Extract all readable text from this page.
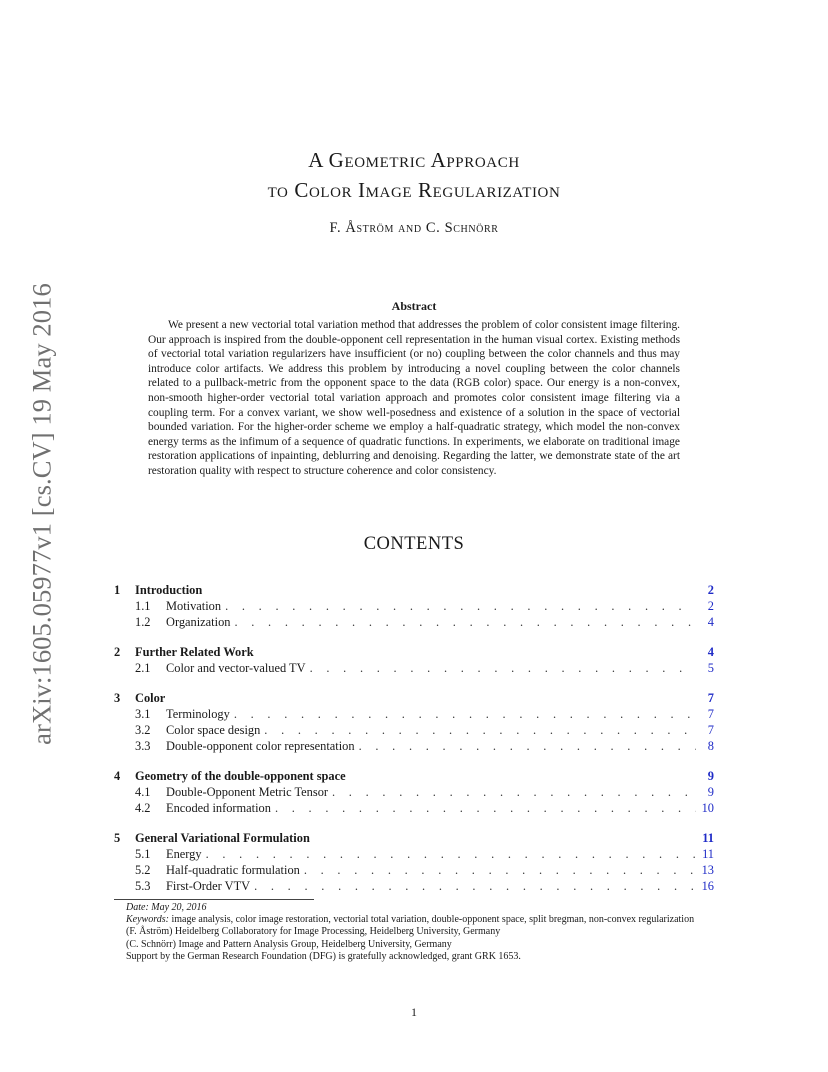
arXiv:1605.05977v1 [cs.CV] 19 May 2016
A Geometric Approach
to Color Image Regularization
F. Åström and C. Schnörr
Abstract

We present a new vectorial total variation method that addresses the problem of color consistent image filtering. Our approach is inspired from the double-opponent cell representation in the human visual cortex. Existing methods of vectorial total variation regularizers have insufficient (or no) coupling between the color channels and thus may introduce color artifacts. We address this problem by introducing a novel coupling between the color channels related to a pullback-metric from the opponent space to the data (RGB color) space. Our energy is a non-convex, non-smooth higher-order vectorial total variation approach and promotes color consistent image filtering via a coupling term. For a convex variant, we show well-posedness and existence of a solution in the space of vectorial bounded variation. For the higher-order scheme we employ a half-quadratic strategy, which model the non-convex energy terms as the infimum of a sequence of quadratic functions. In experiments, we elaborate on traditional image restoration applications of inpainting, deblurring and denoising. Regarding the latter, we demonstrate state of the art restoration quality with respect to structure coherence and color consistency.

CONTENTS
1	Introduction	2
1.1	Motivation . . .	2
1.2	Organization . . .	4
2	Further Related Work	4
2.1	Color and vector-valued TV . . .	5
3	Color	7
3.1	Terminology . . .	7
3.2	Color space design . . .	7
3.3	Double-opponent color representation . . .	8
4	Geometry of the double-opponent space	9
4.1	Double-Opponent Metric Tensor . . .	9
4.2	Encoded information . . .	10
5	General Variational Formulation	11
5.1	Energy . . .	11
5.2	Half-quadratic formulation . . .	13
5.3	First-Order VTV . . .	16
Date: May 20, 2016
Keywords: image analysis, color image restoration, vectorial total variation, double-opponent space, split bregman, non-convex regularization
(F. Åström) Heidelberg Collaboratory for Image Processing, Heidelberg University, Germany
(C. Schnörr) Image and Pattern Analysis Group, Heidelberg University, Germany
Support by the German Research Foundation (DFG) is gratefully acknowledged, grant GRK 1653.
1
